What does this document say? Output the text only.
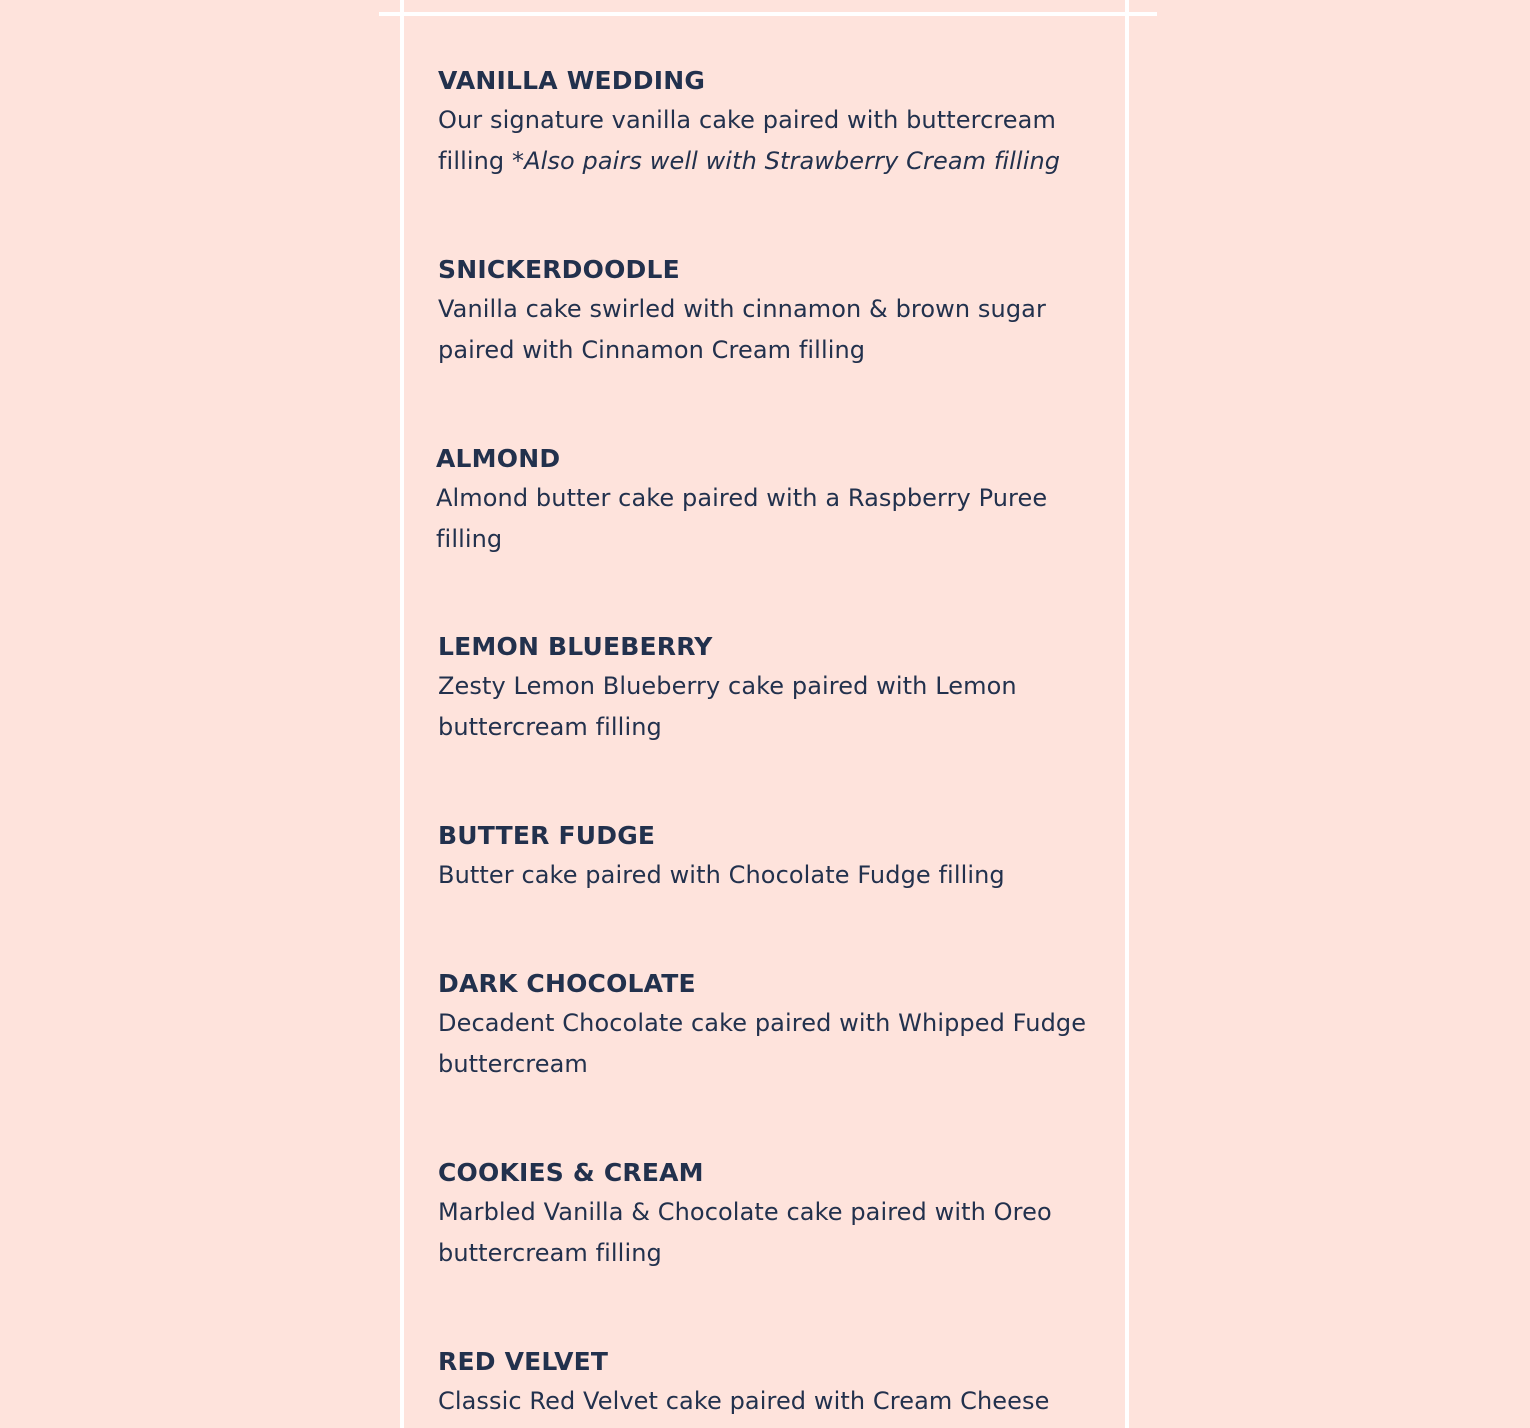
VANILLA WEDDING

Our signature vanilla cake paired with buttercream filling *Also pairs well with Strawberry Cream filling

SNICKERDOODLE

Vanilla cake swirled with cinnamon & brown sugar paired with Cinnamon Cream filling

ALMOND

Almond butter cake paired with a Raspberry Puree filling

LEMON BLUEBERRY

Zesty Lemon Blueberry cake paired with Lemon buttercream filling

BUTTER FUDGE

Butter cake paired with Chocolate Fudge filling

DARK CHOCOLATE

Decadent Chocolate cake paired with Whipped Fudge buttercream

COOKIES & CREAM

Marbled Vanilla & Chocolate cake paired with Oreo buttercream filling

RED VELVET

Classic Red Velvet cake paired with Cream Cheese
